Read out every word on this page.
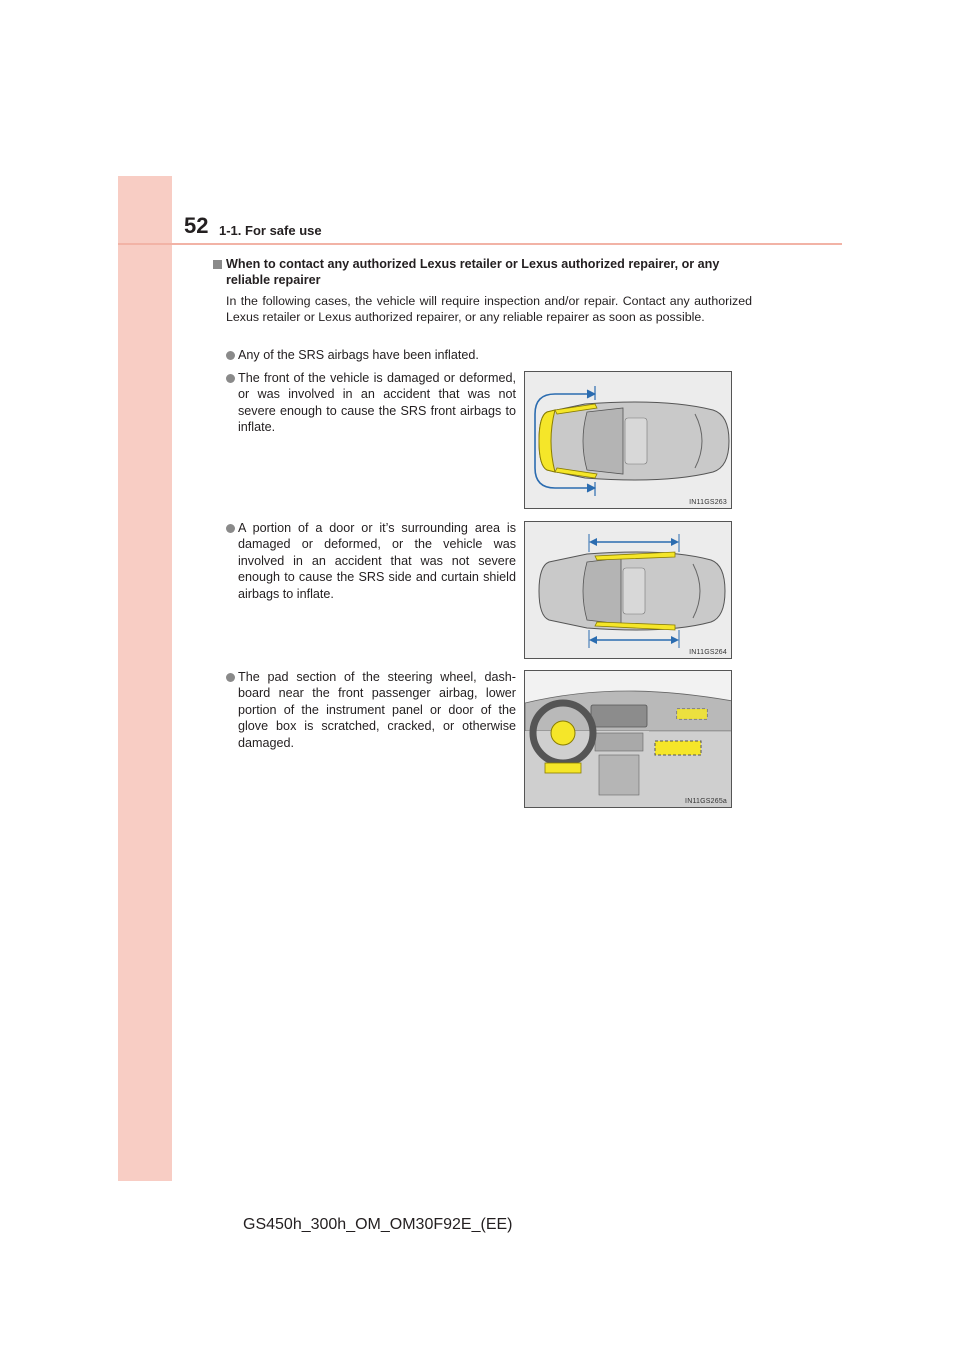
52 1-1. For safe use
When to contact any authorized Lexus retailer or Lexus authorized repairer, or any reliable repairer
In the following cases, the vehicle will require inspection and/or repair. Contact any authorized Lexus retailer or Lexus authorized repairer, or any reliable repairer as soon as possible.
Any of the SRS airbags have been inflated.
The front of the vehicle is damaged or deformed, or was involved in an accident that was not severe enough to cause the SRS front airbags to inflate.
A portion of a door or it’s surrounding area is damaged or deformed, or the vehicle was involved in an accident that was not severe enough to cause the SRS side and curtain shield airbags to inflate.
The pad section of the steering wheel, dash-board near the front passenger airbag, lower portion of the instrument panel or door of the glove box is scratched, cracked, or otherwise damaged.
IN11GS263
IN11GS264
IN11GS265a
GS450h_300h_OM_OM30F92E_(EE)
